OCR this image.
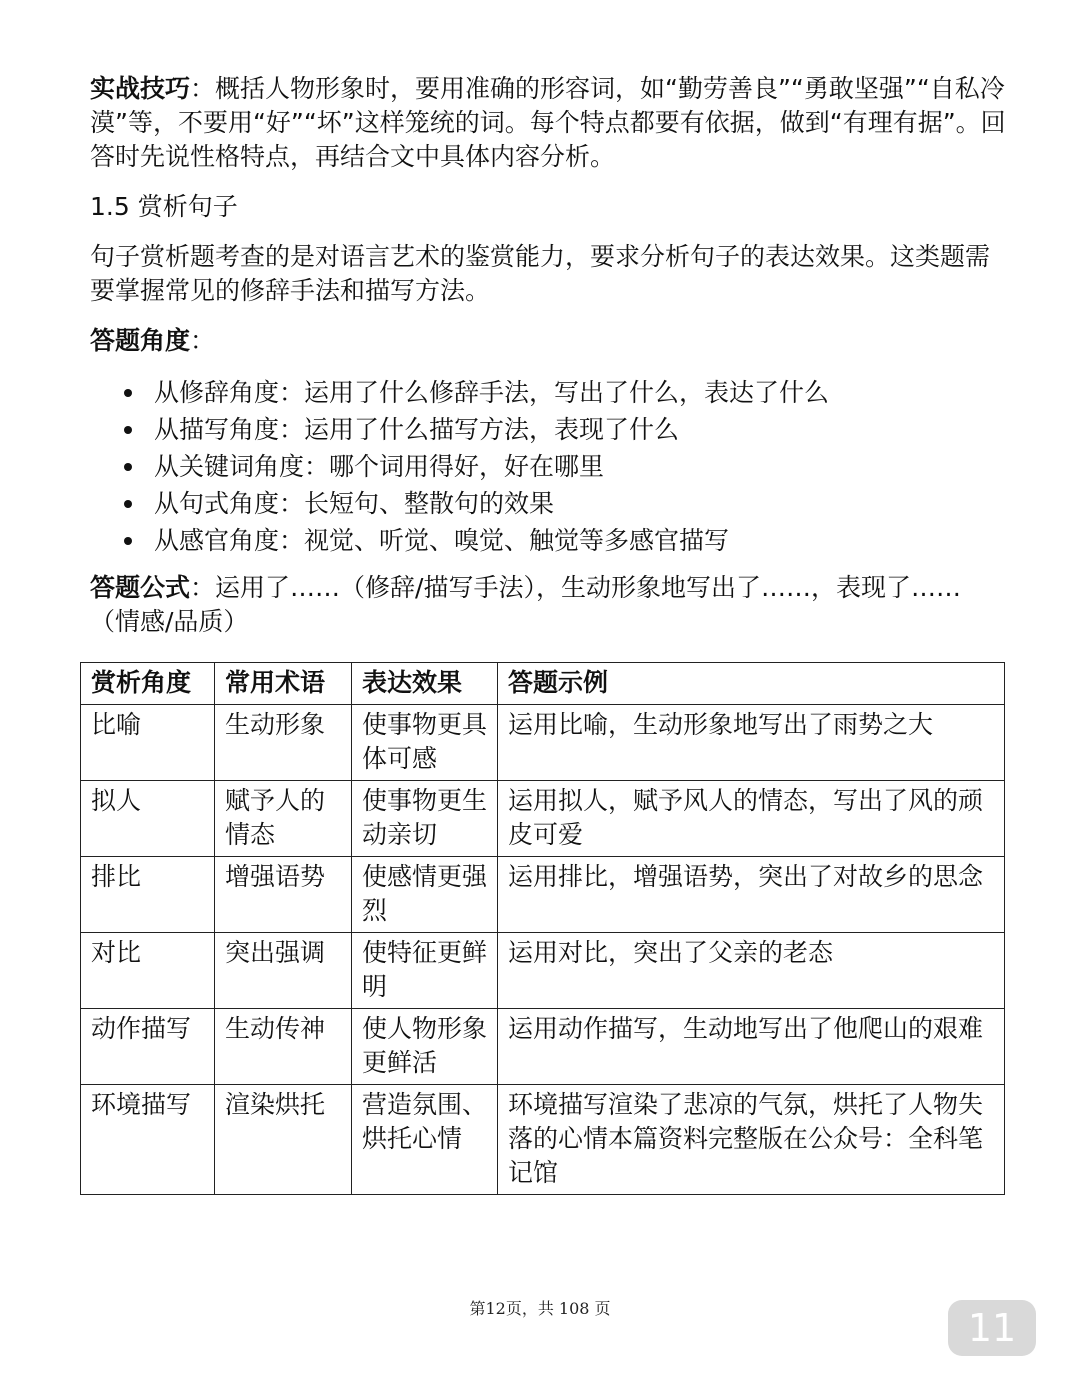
实战技巧：概括人物形象时，要用准确的形容词，如“勤劳善良”“勇敢坚强”“自私冷漠”等，不要用“好”“坏”这样笼统的词。每个特点都要有依据，做到“有理有据”。回答时先说性格特点，再结合文中具体内容分析。

1.5 赏析句子

句子赏析题考查的是对语言艺术的鉴赏能力，要求分析句子的表达效果。这类题需要掌握常见的修辞手法和描写方法。

答题角度：

从修辞角度：运用了什么修辞手法，写出了什么，表达了什么
从描写角度：运用了什么描写方法，表现了什么
从关键词角度：哪个词用得好，好在哪里
从句式角度：长短句、整散句的效果
从感官角度：视觉、听觉、嗅觉、触觉等多感官描写

答题公式：运用了……（修辞/描写手法），生动形象地写出了……，表现了……（情感/品质）

赏析角度	常用术语	表达效果	答题示例
比喻	生动形象	使事物更具体可感	运用比喻，生动形象地写出了雨势之大
拟人	赋予人的情态	使事物更生动亲切	运用拟人，赋予风人的情态，写出了风的顽皮可爱
排比	增强语势	使感情更强烈	运用排比，增强语势，突出了对故乡的思念
对比	突出强调	使特征更鲜明	运用对比，突出了父亲的老态
动作描写	生动传神	使人物形象更鲜活	运用动作描写，生动地写出了他爬山的艰难
环境描写	渲染烘托	营造氛围、烘托心情	环境描写渲染了悲凉的气氛，烘托了人物失落的心情本篇资料完整版在公众号：全科笔记馆
第12页，共 108 页	11
